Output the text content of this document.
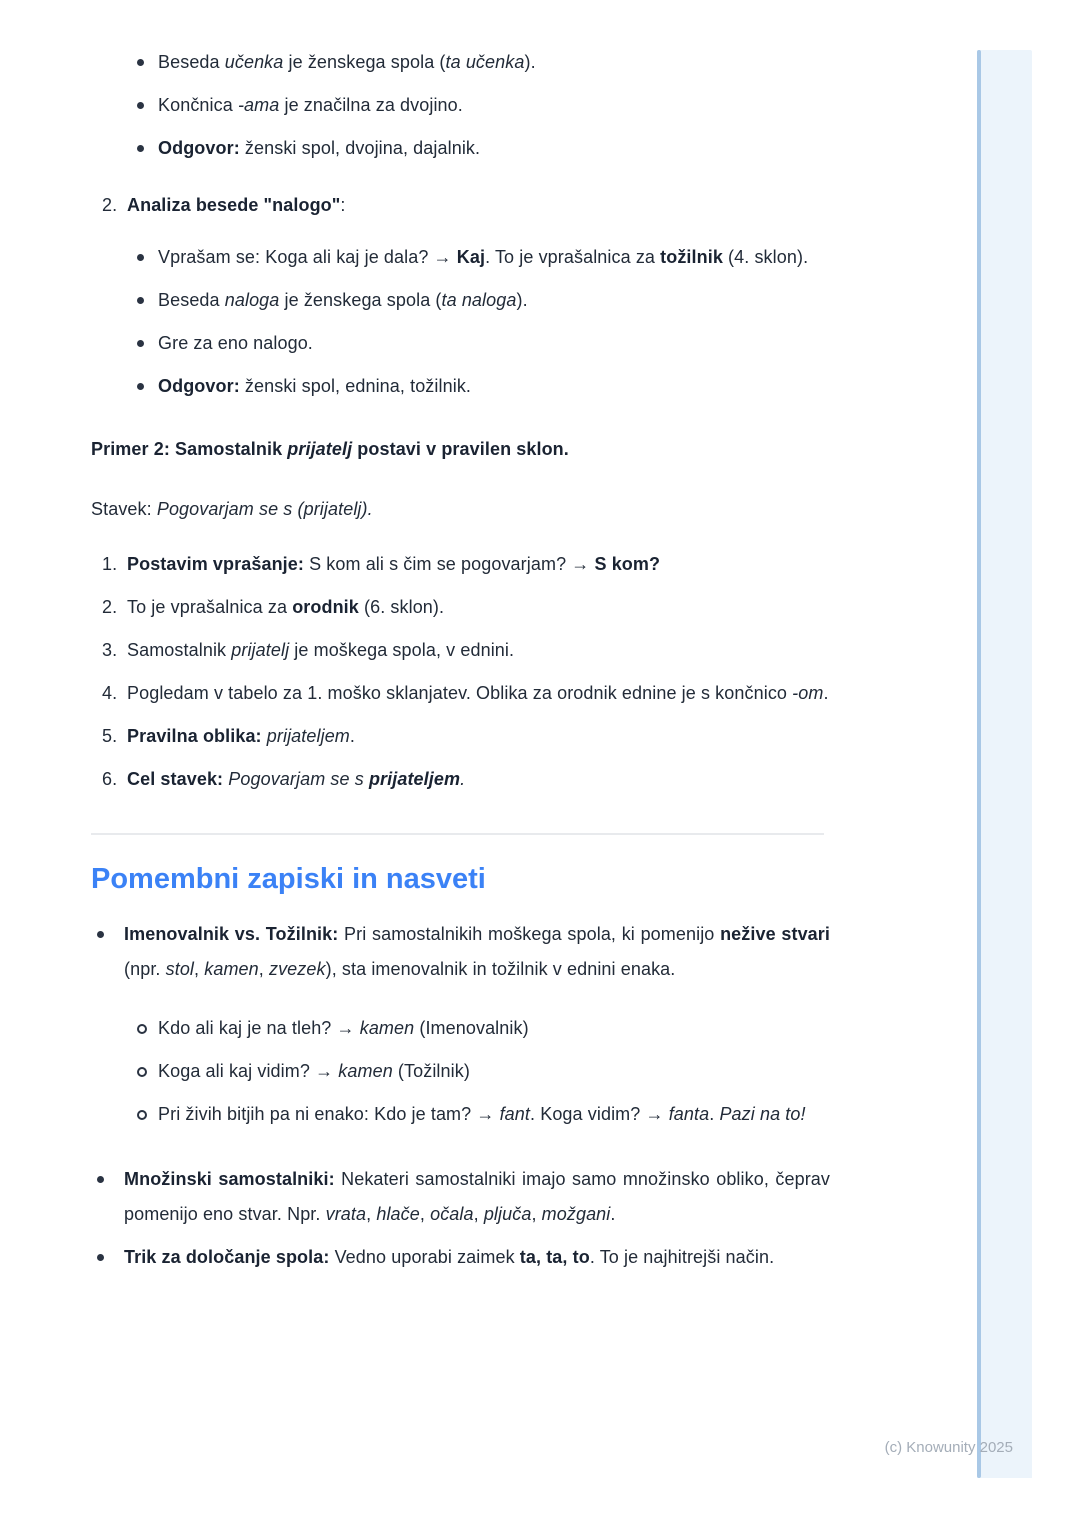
Beseda učenka je ženskega spola (ta učenka).

Končnica -ama je značilna za dvojino.

Odgovor: ženski spol, dvojina, dajalnik.

2. Analiza besede "nalogo":

Vprašam se: Koga ali kaj je dala? → Kaj. To je vprašalnica za tožilnik (4. sklon).

Beseda naloga je ženskega spola (ta naloga).

Gre za eno nalogo.

Odgovor: ženski spol, ednina, tožilnik.

Primer 2: Samostalnik prijatelj postavi v pravilen sklon.

Stavek: Pogovarjam se s (prijatelj).

1. Postavim vprašanje: S kom ali s čim se pogovarjam? → S kom?

2. To je vprašalnica za orodnik (6. sklon).

3. Samostalnik prijatelj je moškega spola, v ednini.

4. Pogledam v tabelo za 1. moško sklanjatev. Oblika za orodnik ednine je s končnico -om.

5. Pravilna oblika: prijateljem.

6. Cel stavek: Pogovarjam se s prijateljem.

Pomembni zapiski in nasveti

Imenovalnik vs. Tožilnik: Pri samostalnikih moškega spola, ki pomenijo nežive stvari (npr. stol, kamen, zvezek), sta imenovalnik in tožilnik v ednini enaka.

Kdo ali kaj je na tleh? → kamen (Imenovalnik)

Koga ali kaj vidim? → kamen (Tožilnik)

Pri živih bitjih pa ni enako: Kdo je tam? → fant. Koga vidim? → fanta. Pazi na to!

Množinski samostalniki: Nekateri samostalniki imajo samo množinsko obliko, čeprav pomenijo eno stvar. Npr. vrata, hlače, očala, pljuča, možgani.

Trik za določanje spola: Vedno uporabi zaimek ta, ta, to. To je najhitrejši način.

(c) Knowunity 2025
